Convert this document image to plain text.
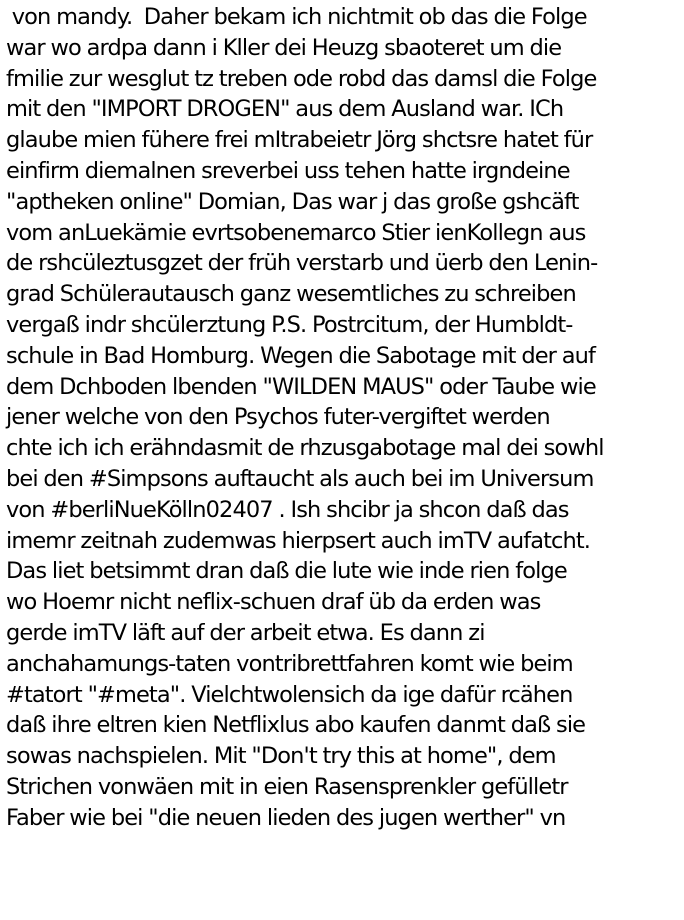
von mandy.  Daher bekam ich nichtmit ob das die Folge
war wo ardpa dann i Kller dei Heuzg sbaoteret um die
fmilie zur wesglut tz treben ode robd das damsl die Folge
mit den "IMPORT DROGEN" aus dem Ausland war. ICh
glaube mien fühere frei mItrabeietr Jörg shctsre hatet für
einfirm diemalnen sreverbei uss tehen hatte irgndeine
"aptheken online" Domian, Das war j das große gshcäft
vom anLuekämie evrtsobenemarco Stier ienKollegn aus
de rshcüleztusgzet der früh verstarb und üerb den Lenin-
grad Schülerautausch ganz wesemtliches zu schreiben
vergaß indr shcülerztung P.S. Postrcitum, der Humbldt-
schule in Bad Homburg. Wegen die Sabotage mit der auf
dem Dchboden lbenden "WILDEN MAUS" oder Taube wie
jener welche von den Psychos futer-vergiftet werden
chte ich ich erähndasmit de rhzusgabotage mal dei sowhl
bei den #Simpsons auftaucht als auch bei im Universum
von #berliNueKölln02407 . Ish shcibr ja shcon daß das
imemr zeitnah zudemwas hierpsert auch imTV aufatcht.
Das liet betsimmt dran daß die lute wie inde rien folge
wo Hoemr nicht neflix-schuen draf üb da erden was
gerde imTV läft auf der arbeit etwa. Es dann zi
anchahamungs-taten vontribrettfahren komt wie beim
#tatort "#meta". Vielchtwolensich da ige dafür rcähen
daß ihre eltren kien Netflixlus abo kaufen danmt daß sie
sowas nachspielen. Mit "Don't try this at home", dem
Strichen vonwäen mit in eien Rasensprenkler gefülletr
Faber wie bei "die neuen lieden des jugen werther" vn
